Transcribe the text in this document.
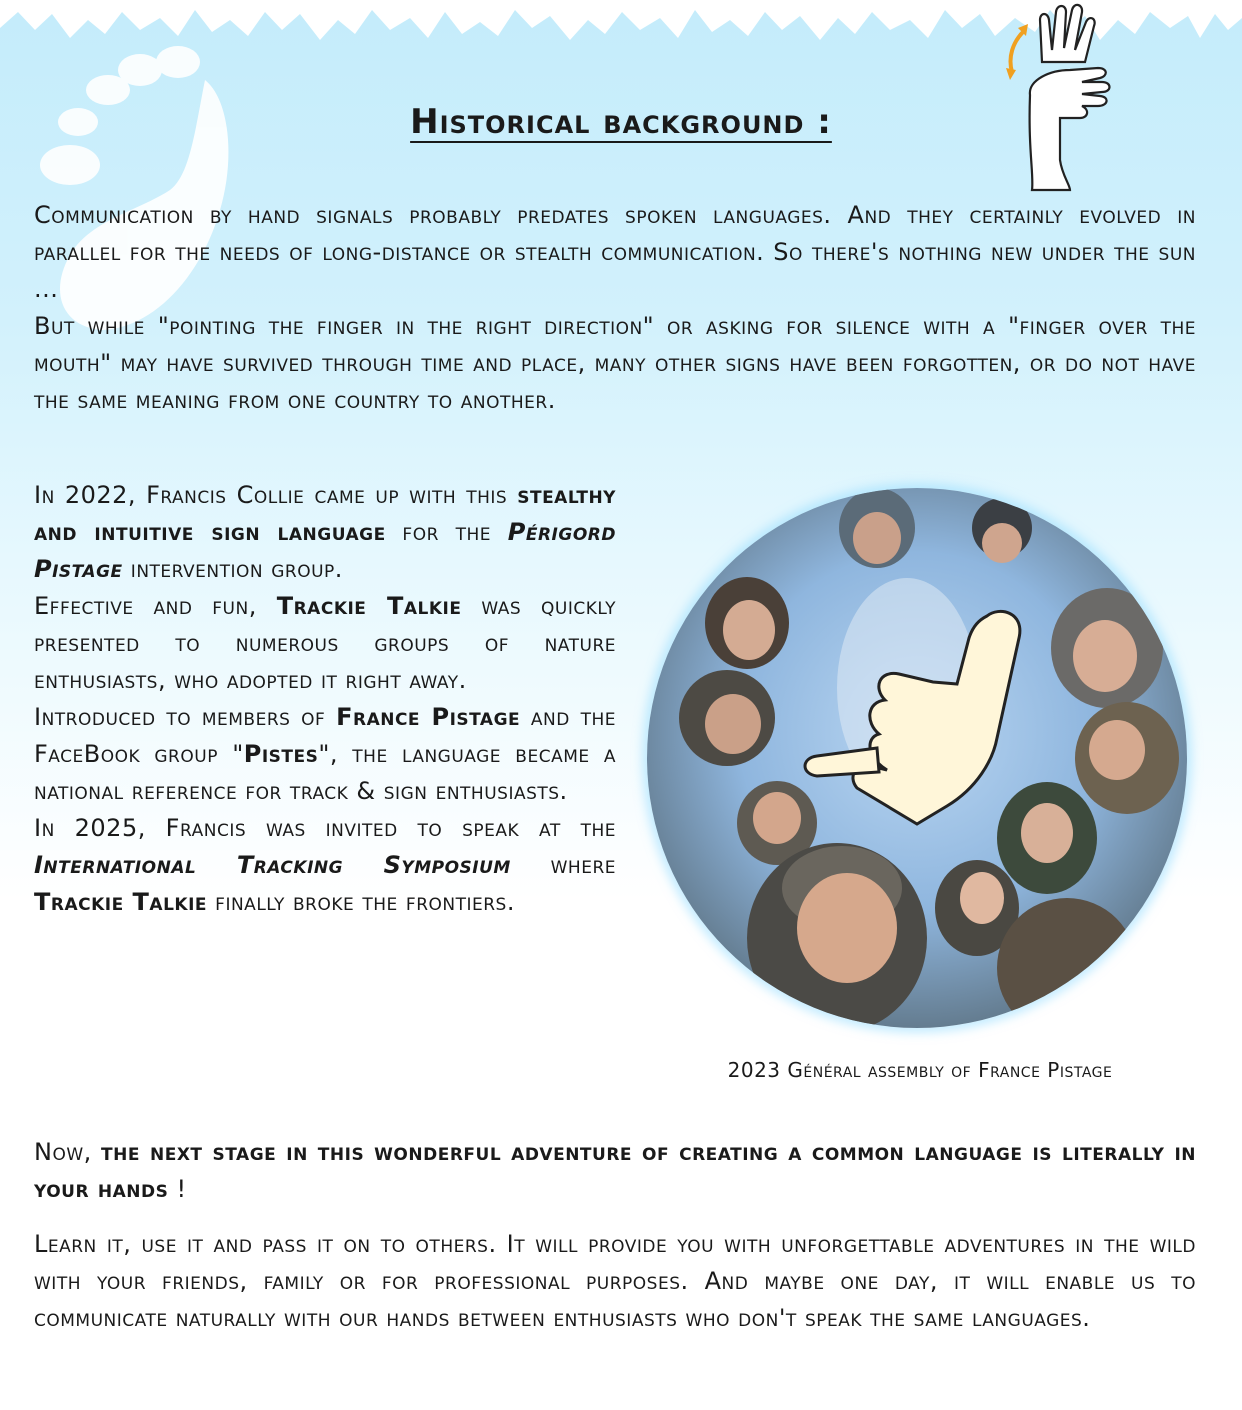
Historical background :

Communication by hand signals probably predates spoken languages. And they certainly evolved in parallel for the needs of long-distance or stealth communication. So there's nothing new under the sun ...

But while "pointing the finger in the right direction" or asking for silence with a "finger over the mouth" may have survived through time and place, many other signs have been forgotten, or do not have the same meaning from one country to another.

In 2022, Francis Collie came up with this stealthy and intuitive sign language for the Périgord Pistage intervention group.

Effective and fun, Trackie Talkie was quickly presented to numerous groups of nature enthusiasts, who adopted it right away.

Introduced to members of France Pistage and the FaceBook group "Pistes", the language became a national reference for track & sign enthusiasts.

In 2025, Francis was invited to speak at the International Tracking Symposium where Trackie Talkie finally broke the frontiers.

2023 Général assembly of France Pistage

Now, the next stage in this wonderful adventure of creating a common language is literally in your hands !

Learn it, use it and pass it on to others. It will provide you with unforgettable adventures in the wild with your friends, family or for professional purposes. And maybe one day, it will enable us to communicate naturally with our hands between enthusiasts who don't speak the same languages.
